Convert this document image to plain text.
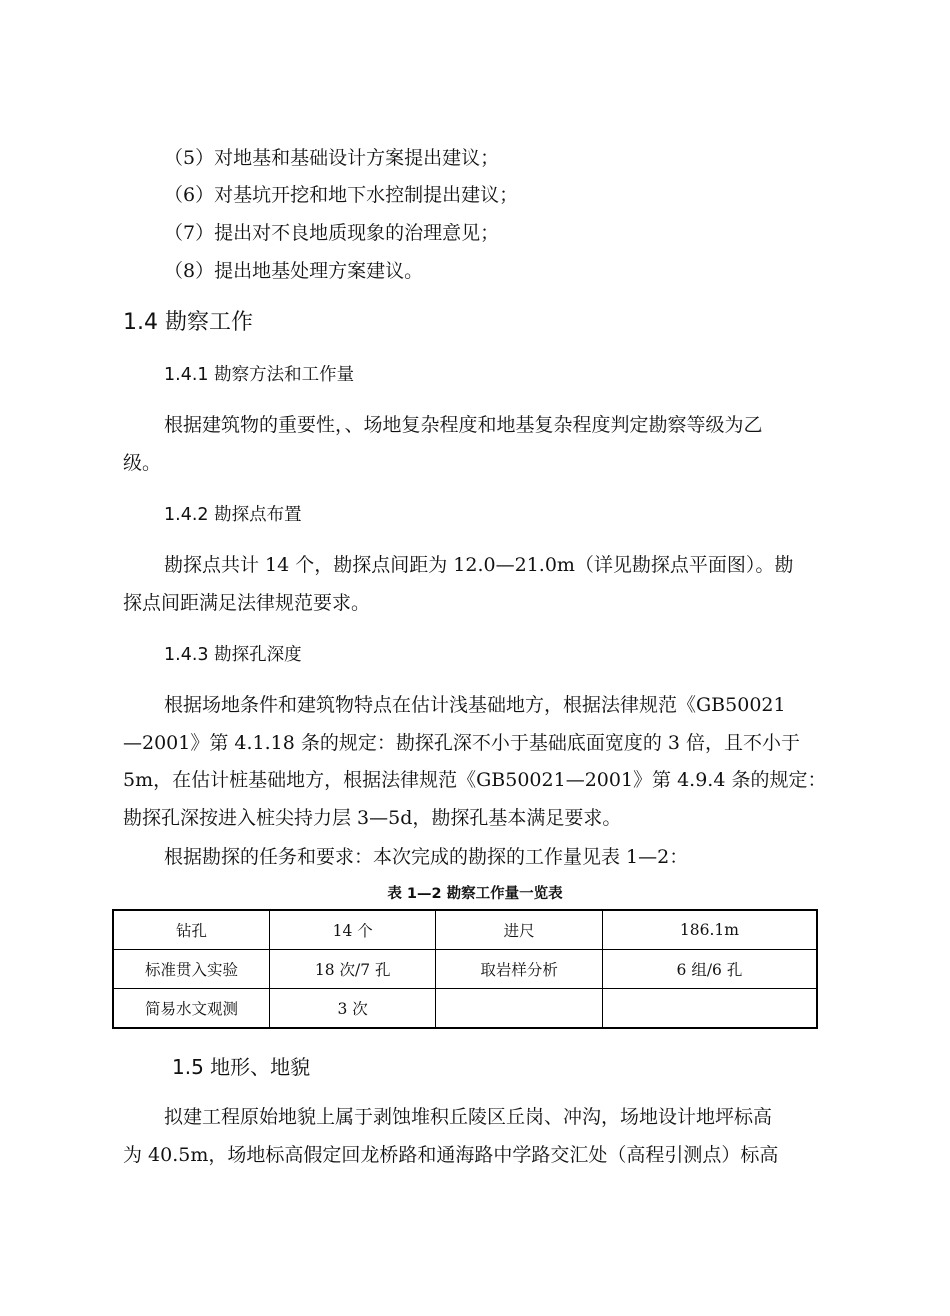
（5）对地基和基础设计方案提出建议；
（6）对基坑开挖和地下水控制提出建议；
（7）提出对不良地质现象的治理意见；
（8）提出地基处理方案建议。
1.4 勘察工作
1.4.1 勘察方法和工作量
根据建筑物的重要性，、场地复杂程度和地基复杂程度判定勘察等级为乙
级。
1.4.2 勘探点布置
勘探点共计 14 个，勘探点间距为 12.0—21.0m（详见勘探点平面图）。勘
探点间距满足法律规范要求。
1.4.3 勘探孔深度
根据场地条件和建筑物特点在估计浅基础地方，根据法律规范《GB50021
—2001》第 4.1.18 条的规定：勘探孔深不小于基础底面宽度的 3 倍，且不小于
5m，在估计桩基础地方，根据法律规范《GB50021—2001》第 4.9.4 条的规定：
勘探孔深按进入桩尖持力层 3—5d，勘探孔基本满足要求。
根据勘探的任务和要求：本次完成的勘探的工作量见表 1—2：
表 1—2 勘察工作量一览表
钻孔	14 个	进尺	186.1m
标准贯入实验	18 次/7 孔	取岩样分析	6 组/6 孔
简易水文观测	3 次		
1.5 地形、地貌
拟建工程原始地貌上属于剥蚀堆积丘陵区丘岗、冲沟，场地设计地坪标高
为 40.5m，场地标高假定回龙桥路和通海路中学路交汇处（高程引测点）标高
